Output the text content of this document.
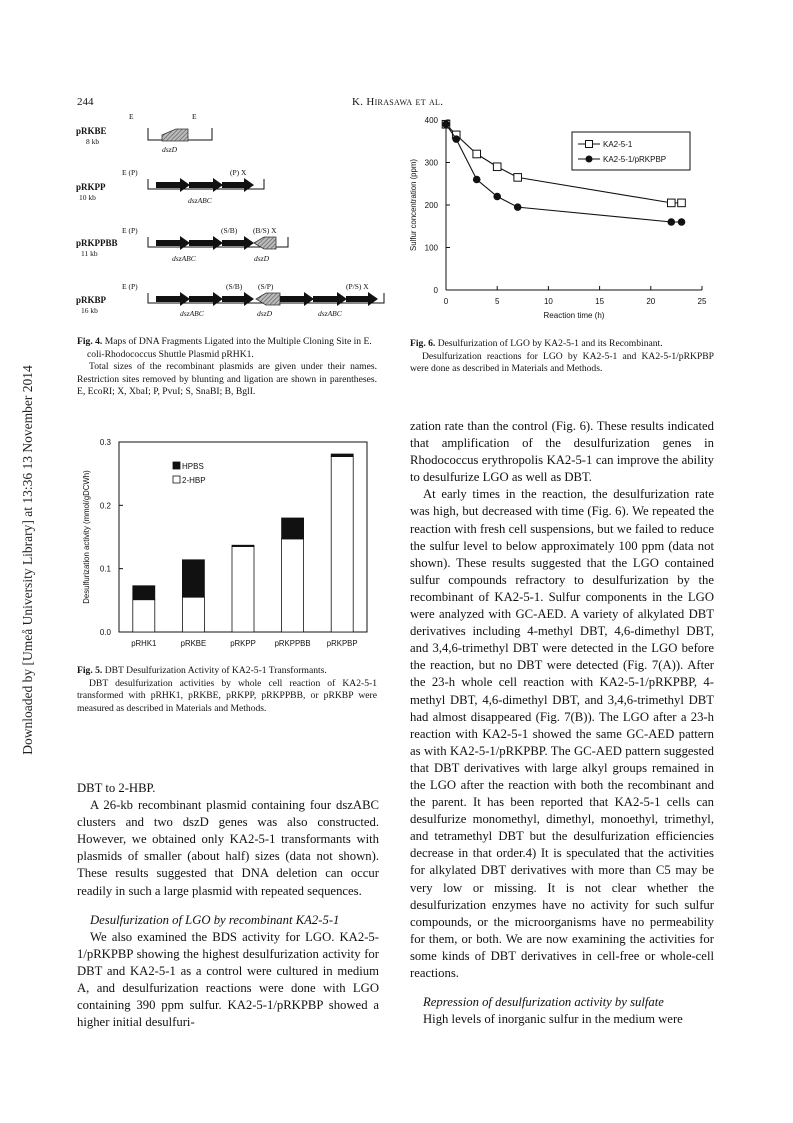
Downloaded by [Umeå University Library] at 13:36 13 November 2014
244	K. Hirasawa et al.
pRKBE
8 kb
E	E
dszD
pRKPP
10 kb
E (P)	(P) X
dszABC
pRKPPBB
11 kb
E (P)	(S/B) (B/S) X
dszABC	dszD
pRKBP
16 kb
E (P)	(S/B) (S/P)	(P/S) X
dszABC	dszD	dszABC
Fig. 4. Maps of DNA Fragments Ligated into the Multiple Cloning Site in E. coli-Rhodococcus Shuttle Plasmid pRHK1.
Total sizes of the recombinant plasmids are given under their names. Restriction sites removed by blunting and ligation are shown in parentheses. E, EcoRI; X, XbaI; P, PvuI; S, SnaBI; B, BglI.
0.0
0.1
0.2
0.3
pRHK1	pRKBE	pRKPP pRKPPBB pRKPBP
Desulfurization activity (mmol/gDCWh)
HPBS
2-HBP
Fig. 5. DBT Desulfurization Activity of KA2-5-1 Transformants.
DBT desulfurization activities by whole cell reaction of KA2-5-1 transformed with pRHK1, pRKBE, pRKPP, pRKPPBB, or pRKBP were measured as described in Materials and Methods.
0
100
200
300
400
0	5	10	15	20	25
Reaction time (h)
Sulfur concentration (ppm)
KA2-5-1
KA2-5-1/pRKPBP
Fig. 6. Desulfurization of LGO by KA2-5-1 and its Recombinant.
Desulfurization reactions for LGO by KA2-5-1 and KA2-5-1/pRKPBP were done as described in Materials and Methods.

DBT to 2-HBP.

A 26-kb recombinant plasmid containing four dszABC clusters and two dszD genes was also constructed. However, we obtained only KA2-5-1 transformants with plasmids of smaller (about half) sizes (data not shown). These results suggested that DNA deletion can occur readily in such a large plasmid with repeated sequences.

Desulfurization of LGO by recombinant KA2-5-1

We also examined the BDS activity for LGO. KA2-5-1/pRKPBP showing the highest desulfurization activity for DBT and KA2-5-1 as a control were cultured in medium A, and desulfurization reactions were done with LGO containing 390 ppm sulfur. KA2-5-1/pRKPBP showed a higher initial desulfuri-

zation rate than the control (Fig. 6). These results indicated that amplification of the desulfurization genes in Rhodococcus erythropolis KA2-5-1 can improve the ability to desulfurize LGO as well as DBT.

At early times in the reaction, the desulfurization rate was high, but decreased with time (Fig. 6). We repeated the reaction with fresh cell suspensions, but we failed to reduce the sulfur level to below approximately 100 ppm (data not shown). These results suggested that the LGO contained sulfur compounds refractory to desulfurization by the recombinant of KA2-5-1. Sulfur components in the LGO were analyzed with GC-AED. A variety of alkylated DBT derivatives including 4-methyl DBT, 4,6-dimethyl DBT, and 3,4,6-trimethyl DBT were detected in the LGO before the reaction, but no DBT were detected (Fig. 7(A)). After the 23-h whole cell reaction with KA2-5-1/pRKPBP, 4-methyl DBT, 4,6-dimethyl DBT, and 3,4,6-trimethyl DBT had almost disappeared (Fig. 7(B)). The LGO after a 23-h reaction with KA2-5-1 showed the same GC-AED pattern as with KA2-5-1/pRKPBP. The GC-AED pattern suggested that DBT derivatives with large alkyl groups remained in the LGO after the reaction with both the recombinant and the parent. It has been reported that KA2-5-1 cells can desulfurize monomethyl, dimethyl, monoethyl, trimethyl, and tetramethyl DBT but the desulfurization efficiencies decrease in that order.4) It is speculated that the activities for alkylated DBT derivatives with more than C5 may be very low or missing. It is not clear whether the desulfurization enzymes have no activity for such sulfur compounds, or the microorganisms have no permeability for them, or both. We are now examining the activities for some kinds of DBT derivatives in cell-free or whole-cell reactions.

Repression of desulfurization activity by sulfate

High levels of inorganic sulfur in the medium were
